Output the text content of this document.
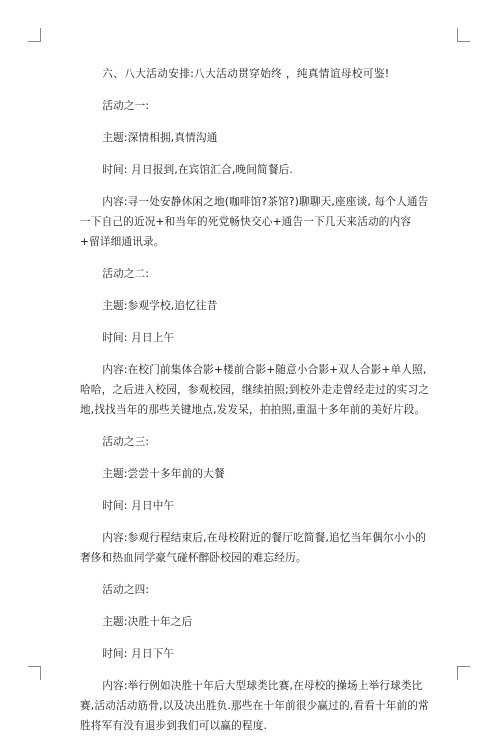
六、八大活动安排:八大活动贯穿始终 ，纯真情谊母校可鉴!

活动之一:

主题:深情相拥,真情沟通

时间: 月日报到,在宾馆汇合,晚间简餐后.

内容:寻一处安静休闲之地(咖啡馆?茶馆?)聊聊天,座座谈, 每个人通告一下自己的近况+和当年的死党畅快交心+通告一下几天来活动的内容+留详细通讯录。

活动之二:

主题:参观学校,追忆往昔

时间: 月日上午

内容:在校门前集体合影+楼前合影+随意小合影+双人合影+单人照,哈哈，之后进入校园，参观校园，继续拍照;到校外走走曾经走过的实习之地,找找当年的那些关键地点,发发呆，拍拍照,重温十多年前的美好片段。

活动之三:

主题:尝尝十多年前的大餐

时间: 月日中午

内容:参观行程结束后,在母校附近的餐厅吃简餐,追忆当年偶尔小小的奢侈和热血同学豪气碰杯醉卧校园的难忘经历。

活动之四:

主题:决胜十年之后

时间: 月日下午

内容:举行例如决胜十年后大型球类比赛,在母校的操场上举行球类比赛,活动活动筋骨,以及决出胜负.那些在十年前很少赢过的,看看十年前的常胜将军有没有退步到我们可以赢的程度.
